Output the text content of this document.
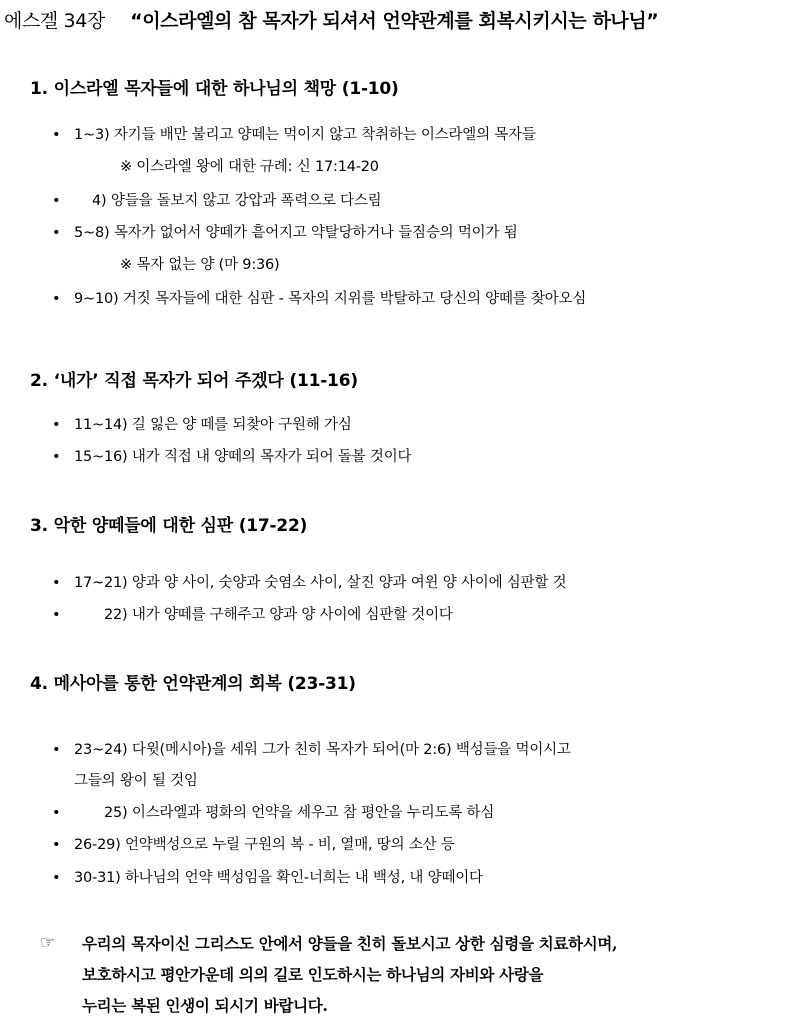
에스겔 34장 “이스라엘의 참 목자가 되셔서 언약관계를 회복시키시는 하나님”
1. 이스라엘 목자들에 대한 하나님의 책망 (1-10)
• 1~3) 자기들 배만 불리고 양떼는 먹이지 않고 착취하는 이스라엘의 목자들
※ 이스라엘 왕에 대한 규례: 신 17:14-20
• 4) 양들을 돌보지 않고 강압과 폭력으로 다스림
• 5~8) 목자가 없어서 양떼가 흩어지고 약탈당하거나 들짐승의 먹이가 됨
※ 목자 없는 양 (마 9:36)
• 9~10) 거짓 목자들에 대한 심판 - 목자의 지위를 박탈하고 당신의 양떼를 찾아오심
2. ‘내가’ 직접 목자가 되어 주겠다 (11-16)
• 11~14) 길 잃은 양 떼를 되찾아 구원해 가심
• 15~16) 내가 직접 내 양떼의 목자가 되어 돌볼 것이다
3. 악한 양떼들에 대한 심판 (17-22)
• 17~21) 양과 양 사이, 숫양과 숫염소 사이, 살진 양과 여윈 양 사이에 심판할 것
•	22) 내가 양떼를 구해주고 양과 양 사이에 심판할 것이다
4. 메사아를 통한 언약관계의 회복 (23-31)
• 23~24) 다윗(메시아)을 세워 그가 친히 목자가 되어(마 2:6) 백성들을 먹이시고
그들의 왕이 될 것임
•	25) 이스라엘과 평화의 언약을 세우고 참 평안을 누리도록 하심
• 26-29) 언약백성으로 누릴 구원의 복 - 비, 열매, 땅의 소산 등
• 30-31) 하나님의 언약 백성임을 확인-너희는 내 백성, 내 양떼이다
☞	우리의 목자이신 그리스도 안에서 양들을 친히 돌보시고 상한 심령을 치료하시며,
보호하시고 평안가운데 의의 길로 인도하시는 하나님의 자비와 사랑을
누리는 복된 인생이 되시기 바랍니다.
